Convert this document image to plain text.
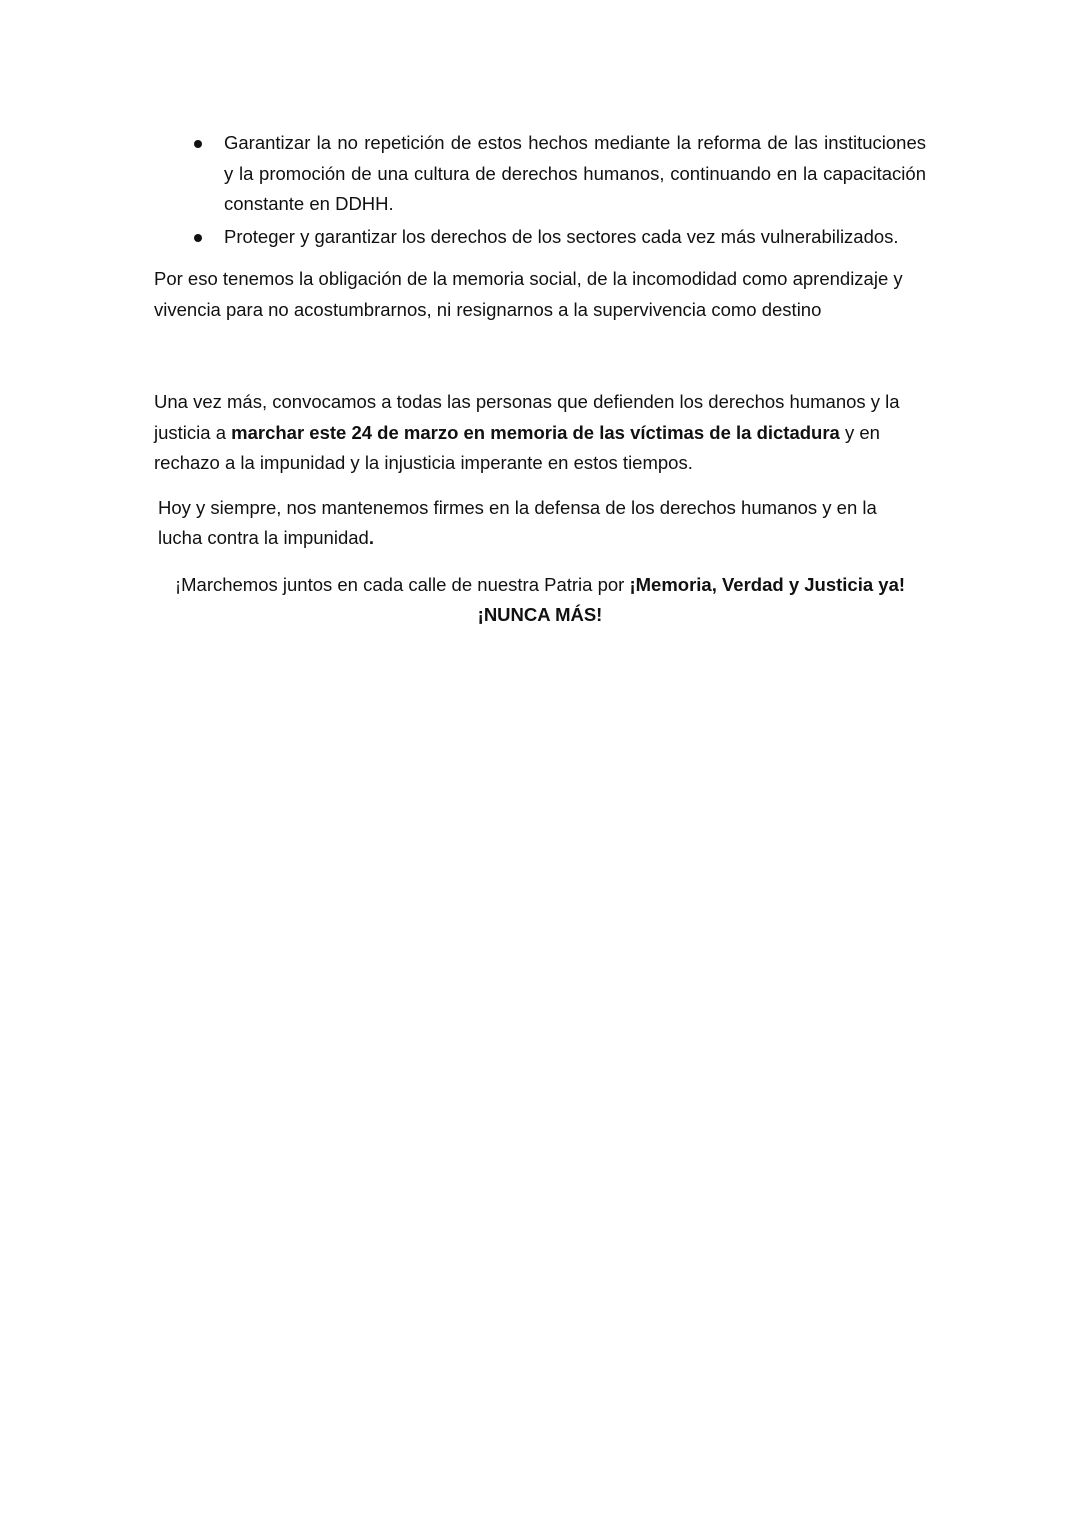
Garantizar la no repetición de estos hechos mediante la reforma de las instituciones y la promoción de una cultura de derechos humanos, continuando en la capacitación constante en DDHH.
Proteger y garantizar los derechos de los sectores cada vez más vulnerabilizados.

Por eso tenemos la obligación de la memoria social, de la incomodidad como aprendizaje y vivencia para no acostumbrarnos, ni resignarnos a la supervivencia como destino

Una vez más, convocamos a todas las personas que defienden los derechos humanos y la justicia a marchar este 24 de marzo en memoria de las víctimas de la dictadura y en rechazo a la impunidad y la injusticia imperante en estos tiempos.

Hoy y siempre, nos mantenemos firmes en la defensa de los derechos humanos y en la lucha contra la impunidad.

¡Marchemos juntos en cada calle de nuestra Patria por ¡Memoria, Verdad y Justicia ya!

¡NUNCA MÁS!
